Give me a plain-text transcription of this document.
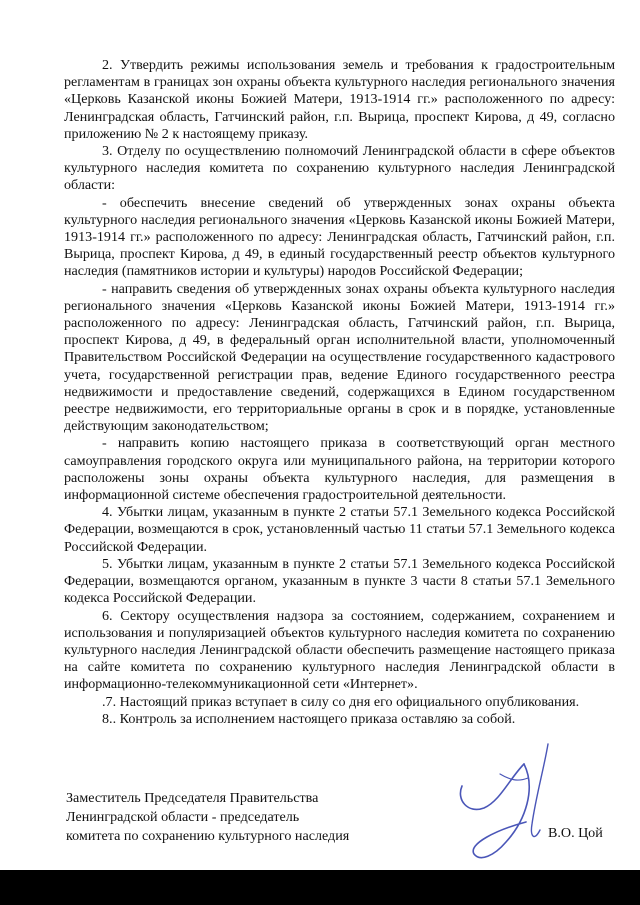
2. Утвердить режимы использования земель и требования к градостроительным регламентам в границах зон охраны объекта культурного наследия регионального значения «Церковь Казанской иконы Божией Матери, 1913-1914 гг.» расположенного по адресу: Ленинградская область, Гатчинский район, г.п. Вырица, проспект Кирова, д 49, согласно приложению № 2 к настоящему приказу.

3. Отделу по осуществлению полномочий Ленинградской области в сфере объектов культурного наследия комитета по сохранению культурного наследия Ленинградской области:

- обеспечить внесение сведений об утвержденных зонах охраны объекта культурного наследия регионального значения «Церковь Казанской иконы Божией Матери, 1913-1914 гг.» расположенного по адресу: Ленинградская область, Гатчинский район, г.п. Вырица, проспект Кирова, д 49, в единый государственный реестр объектов культурного наследия (памятников истории и культуры) народов Российской Федерации;

- направить сведения об утвержденных зонах охраны объекта культурного наследия регионального значения «Церковь Казанской иконы Божией Матери, 1913-1914 гг.» расположенного по адресу: Ленинградская область, Гатчинский район, г.п. Вырица, проспект Кирова, д 49, в федеральный орган исполнительной власти, уполномоченный Правительством Российской Федерации на осуществление государственного кадастрового учета, государственной регистрации прав, ведение Единого государственного реестра недвижимости и предоставление сведений, содержащихся в Едином государственном реестре недвижимости, его территориальные органы в срок и в порядке, установленные действующим законодательством;

- направить копию настоящего приказа в соответствующий орган местного самоуправления городского округа или муниципального района, на территории которого расположены зоны охраны объекта культурного наследия, для размещения в информационной системе обеспечения градостроительной деятельности.

4. Убытки лицам, указанным в пункте 2 статьи 57.1 Земельного кодекса Российской Федерации, возмещаются в срок, установленный частью 11 статьи 57.1 Земельного кодекса Российской Федерации.

5. Убытки лицам, указанным в пункте 2 статьи 57.1 Земельного кодекса Российской Федерации, возмещаются органом, указанным в пункте 3 части 8 статьи 57.1 Земельного кодекса Российской Федерации.

6. Сектору осуществления надзора за состоянием, содержанием, сохранением и использования и популяризацией объектов культурного наследия комитета по сохранению культурного наследия Ленинградской области обеспечить размещение настоящего приказа на сайте комитета по сохранению культурного наследия Ленинградской области в информационно-телекоммуникационной сети «Интернет».

.7. Настоящий приказ вступает в силу со дня его официального опубликования.

8.. Контроль за исполнением настоящего приказа оставляю за собой.

Заместитель Председателя Правительства
Ленинградской области - председатель
комитета по сохранению культурного наследия	В.О. Цой
